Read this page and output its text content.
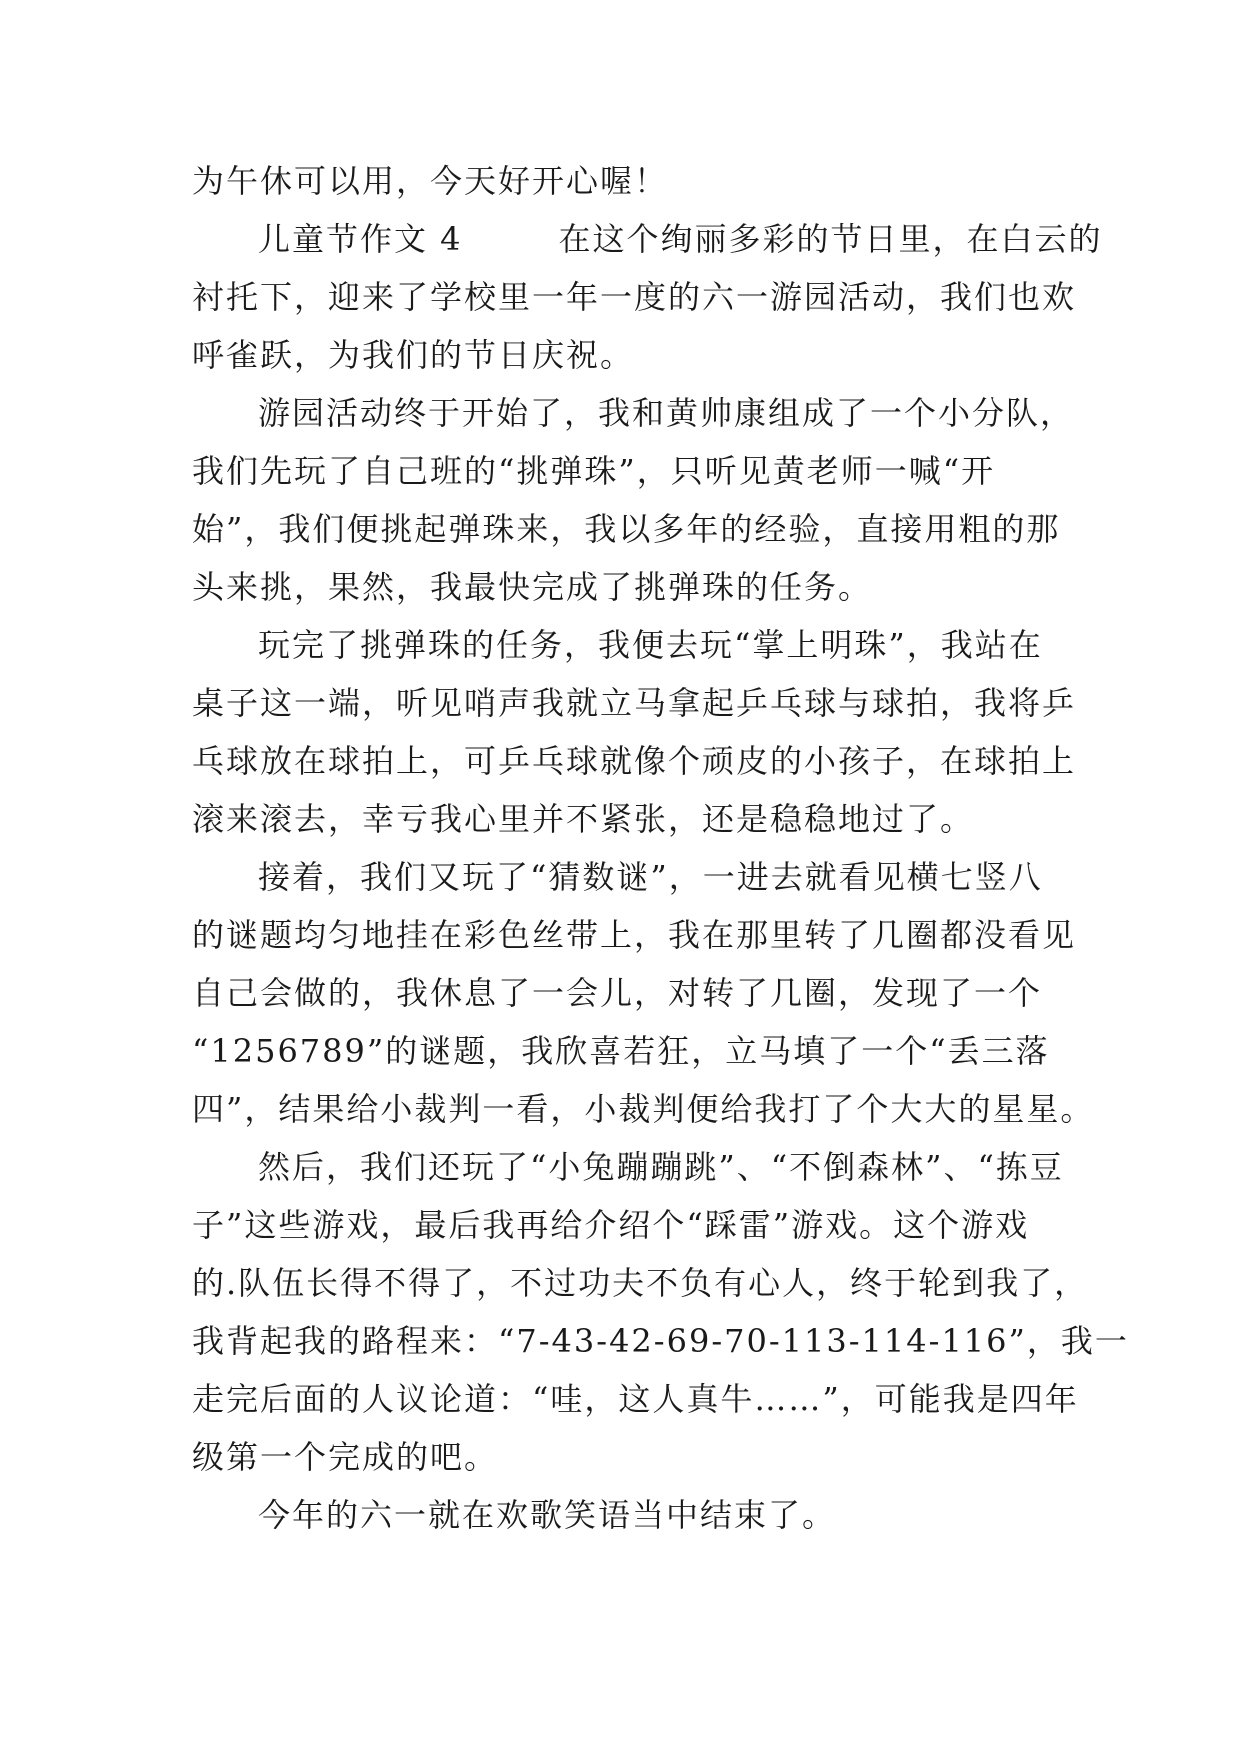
为午休可以用，今天好开心喔！
儿童节作文 4	在这个绚丽多彩的节日里，在白云的
衬托下，迎来了学校里一年一度的六一游园活动，我们也欢
呼雀跃，为我们的节日庆祝。
游园活动终于开始了，我和黄帅康组成了一个小分队，
我们先玩了自己班的“挑弹珠”，只听见黄老师一喊“开
始”，我们便挑起弹珠来，我以多年的经验，直接用粗的那
头来挑，果然，我最快完成了挑弹珠的任务。
玩完了挑弹珠的任务，我便去玩“掌上明珠”，我站在
桌子这一端，听见哨声我就立马拿起乒乓球与球拍，我将乒
乓球放在球拍上，可乒乓球就像个顽皮的小孩子，在球拍上
滚来滚去，幸亏我心里并不紧张，还是稳稳地过了。
接着，我们又玩了“猜数谜”，一进去就看见横七竖八
的谜题均匀地挂在彩色丝带上，我在那里转了几圈都没看见
自己会做的，我休息了一会儿，对转了几圈，发现了一个
“1256789”的谜题，我欣喜若狂，立马填了一个“丢三落
四”，结果给小裁判一看，小裁判便给我打了个大大的星星。
然后，我们还玩了“小兔蹦蹦跳”、“不倒森林”、“拣豆
子”这些游戏，最后我再给介绍个“踩雷”游戏。这个游戏
的.队伍长得不得了，不过功夫不负有心人，终于轮到我了，
我背起我的路程来：“7-43-42-69-70-113-114-116”，我一
走完后面的人议论道：“哇，这人真牛……”，可能我是四年
级第一个完成的吧。
今年的六一就在欢歌笑语当中结束了。
